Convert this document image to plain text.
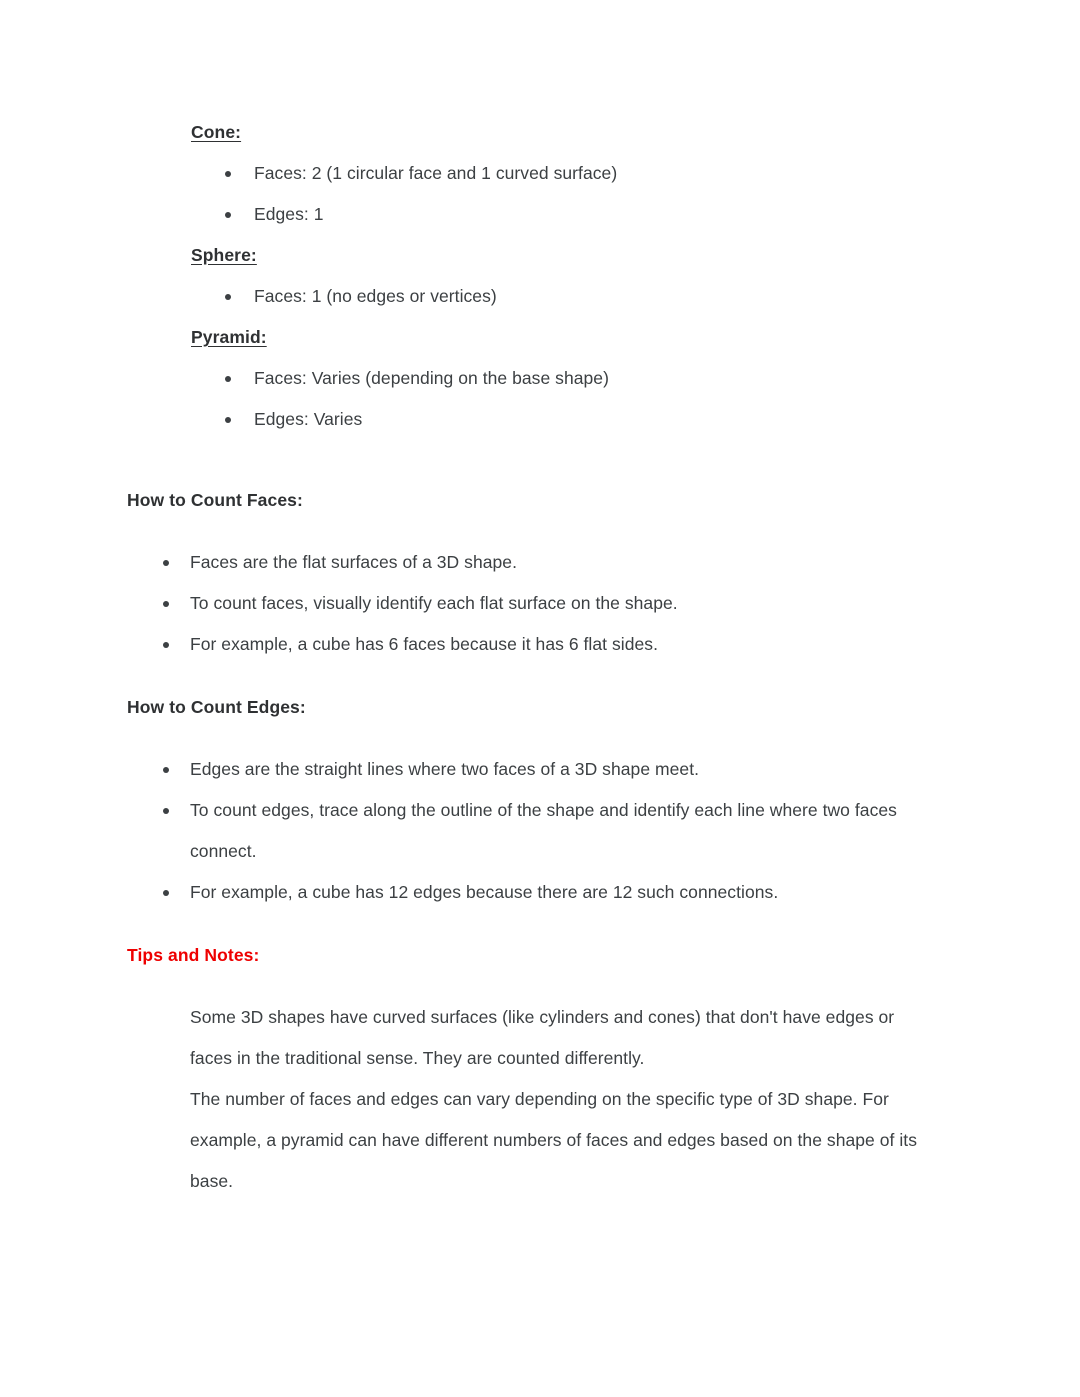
Cone:
Faces: 2 (1 circular face and 1 curved surface)
Edges: 1
Sphere:
Faces: 1 (no edges or vertices)
Pyramid:
Faces: Varies (depending on the base shape)
Edges: Varies
How to Count Faces:
Faces are the flat surfaces of a 3D shape.
To count faces, visually identify each flat surface on the shape.
For example, a cube has 6 faces because it has 6 flat sides.
How to Count Edges:
Edges are the straight lines where two faces of a 3D shape meet.
To count edges, trace along the outline of the shape and identify each line where two faces connect.
For example, a cube has 12 edges because there are 12 such connections.
Tips and Notes:

Some 3D shapes have curved surfaces (like cylinders and cones) that don't have edges or faces in the traditional sense. They are counted differently.

The number of faces and edges can vary depending on the specific type of 3D shape. For example, a pyramid can have different numbers of faces and edges based on the shape of its base.
